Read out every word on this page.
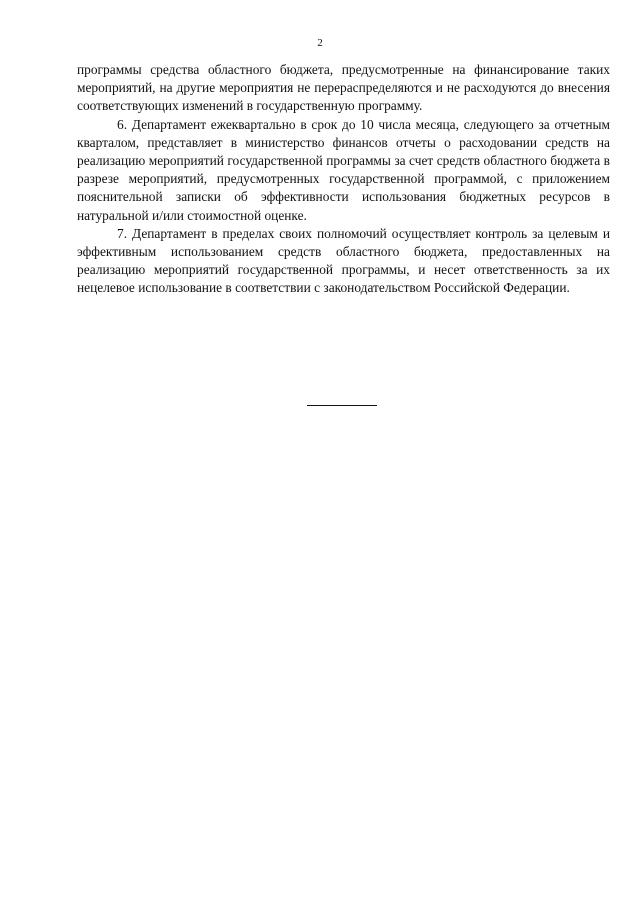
2

программы средства областного бюджета, предусмотренные на финансирование таких мероприятий, на другие мероприятия не перераспределяются и не расходуются до внесения соответствующих изменений в государственную программу.

6. Департамент ежеквартально в срок до 10 числа месяца, следующего за отчетным кварталом, представляет в министерство финансов отчеты о расходовании средств на реализацию мероприятий государственной программы за счет средств областного бюджета в разрезе мероприятий, предусмотренных государственной программой, с приложением пояснительной записки об эффективности использования бюджетных ресурсов в натуральной и/или стоимостной оценке.

7. Департамент в пределах своих полномочий осуществляет контроль за целевым и эффективным использованием средств областного бюджета, предоставленных на реализацию мероприятий государственной программы, и несет ответственность за их нецелевое использование в соответствии с законодательством Российской Федерации.
